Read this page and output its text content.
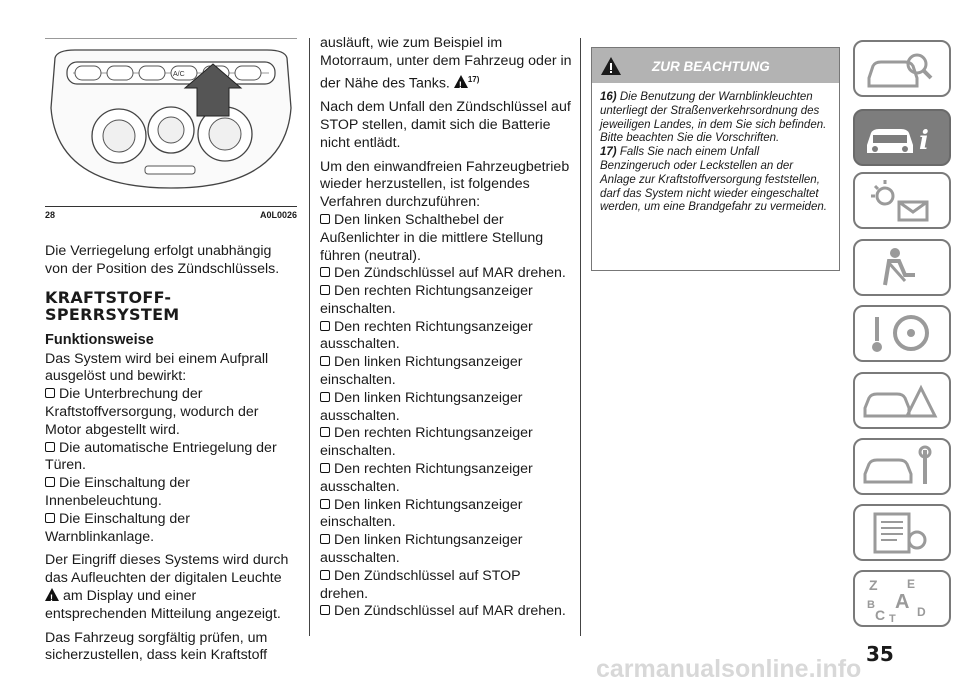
A/C
28	A0L0026

Die Verriegelung erfolgt unabhängig von der Position des Zündschlüssels.

KRAFTSTOFF-
SPERRSYSTEM
Funktionsweise

Das System wird bei einem Aufprall ausgelöst und bewirkt:

Die Unterbrechung der Kraftstoffversorgung, wodurch der Motor abgestellt wird.

Die automatische Entriegelung der Türen.

Die Einschaltung der Innenbeleuchtung.

Die Einschaltung der Warnblinkanlage.

Der Eingriff dieses Systems wird durch das Aufleuchten der digitalen Leuchte
! am Display und einer entsprechenden Mitteilung angezeigt.

Das Fahrzeug sorgfältig prüfen, um sicherzustellen, dass kein Kraftstoff

ausläuft, wie zum Beispiel im Motorraum, unter dem Fahrzeug oder in der Nähe des Tanks. ! $^{17)}$

Nach dem Unfall den Zündschlüssel auf STOP stellen, damit sich die Batterie nicht entlädt.

Um den einwandfreien Fahrzeugbetrieb wieder herzustellen, ist folgendes Verfahren durchzuführen:

Den linken Schalthebel der Außenlichter in die mittlere Stellung führen (neutral).

Den Zündschlüssel auf MAR drehen.

Den rechten Richtungsanzeiger einschalten.

Den rechten Richtungsanzeiger ausschalten.

Den linken Richtungsanzeiger einschalten.

Den linken Richtungsanzeiger ausschalten.

Den rechten Richtungsanzeiger einschalten.

Den rechten Richtungsanzeiger ausschalten.

Den linken Richtungsanzeiger einschalten.

Den linken Richtungsanzeiger ausschalten.

Den Zündschlüssel auf STOP drehen.

Den Zündschlüssel auf MAR drehen.

ZUR BEACHTUNG
16) Die Benutzung der Warnblinkleuchten unterliegt der Straßenverkehrsordnung des jeweiligen Landes, in dem Sie sich befinden. Bitte beachten Sie die Vorschriften.
17) Falls Sie nach einem Unfall Benzingeruch oder Leckstellen an der Anlage zur Kraftstoffversorgung feststellen, darf das System nicht wieder eingeschaltet werden, um eine Brandgefahr zu vermeiden.
i
Z E
B A
C T D
35
carmanualsonline.info
